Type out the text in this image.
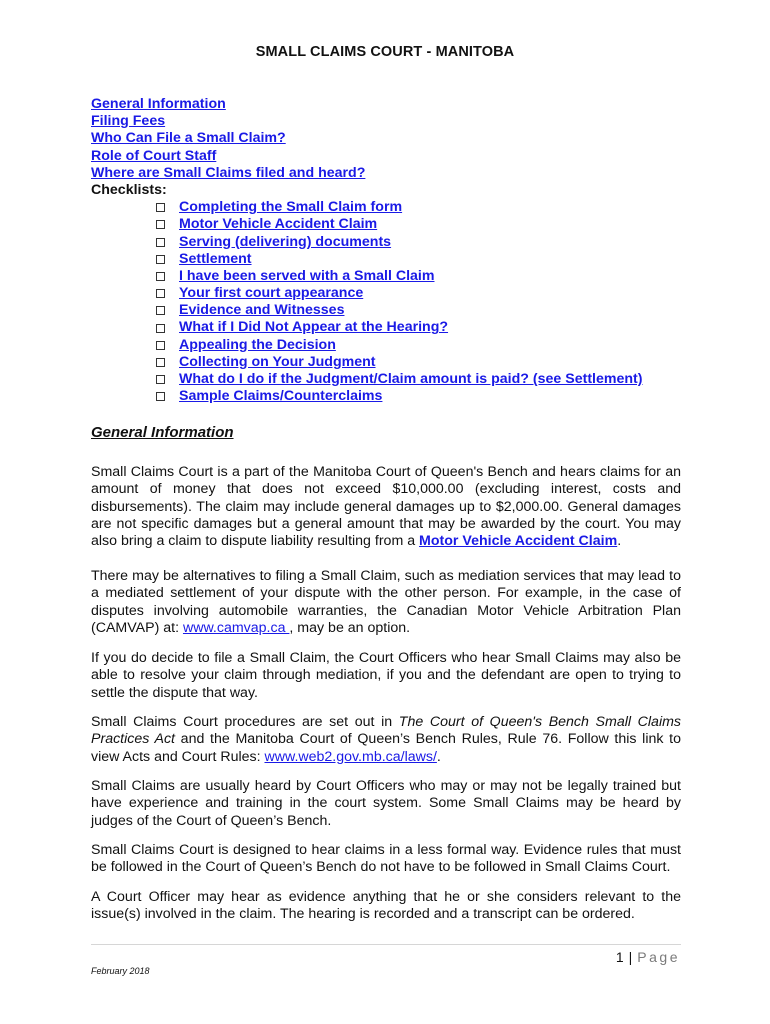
SMALL CLAIMS COURT - MANITOBA
General Information
Filing Fees
Who Can File a Small Claim?
Role of Court Staff
Where are Small Claims filed and heard?
Checklists:
Completing the Small Claim form
Motor Vehicle Accident Claim
Serving (delivering) documents
Settlement
I have been served with a Small Claim
Your first court appearance
Evidence and Witnesses
What if I Did Not Appear at the Hearing?
Appealing the Decision
Collecting on Your Judgment
What do I do if the Judgment/Claim amount is paid? (see Settlement)
Sample Claims/Counterclaims
General Information

Small Claims Court is a part of the Manitoba Court of Queen's Bench and hears claims for an amount of money that does not exceed $10,000.00 (excluding interest, costs and disbursements). The claim may include general damages up to $2,000.00. General damages are not specific damages but a general amount that may be awarded by the court. You may also bring a claim to dispute liability resulting from a Motor Vehicle Accident Claim.

There may be alternatives to filing a Small Claim, such as mediation services that may lead to a mediated settlement of your dispute with the other person. For example, in the case of disputes involving automobile warranties, the Canadian Motor Vehicle Arbitration Plan (CAMVAP) at: www.camvap.ca , may be an option.

If you do decide to file a Small Claim, the Court Officers who hear Small Claims may also be able to resolve your claim through mediation, if you and the defendant are open to trying to settle the dispute that way.

Small Claims Court procedures are set out in The Court of Queen's Bench Small Claims Practices Act and the Manitoba Court of Queen’s Bench Rules, Rule 76. Follow this link to view Acts and Court Rules: www.web2.gov.mb.ca/laws/.

Small Claims are usually heard by Court Officers who may or may not be legally trained but have experience and training in the court system. Some Small Claims may be heard by judges of the Court of Queen’s Bench.

Small Claims Court is designed to hear claims in a less formal way. Evidence rules that must be followed in the Court of Queen’s Bench do not have to be followed in Small Claims Court.

A Court Officer may hear as evidence anything that he or she considers relevant to the issue(s) involved in the claim. The hearing is recorded and a transcript can be ordered.

1 | Page
February 2018
